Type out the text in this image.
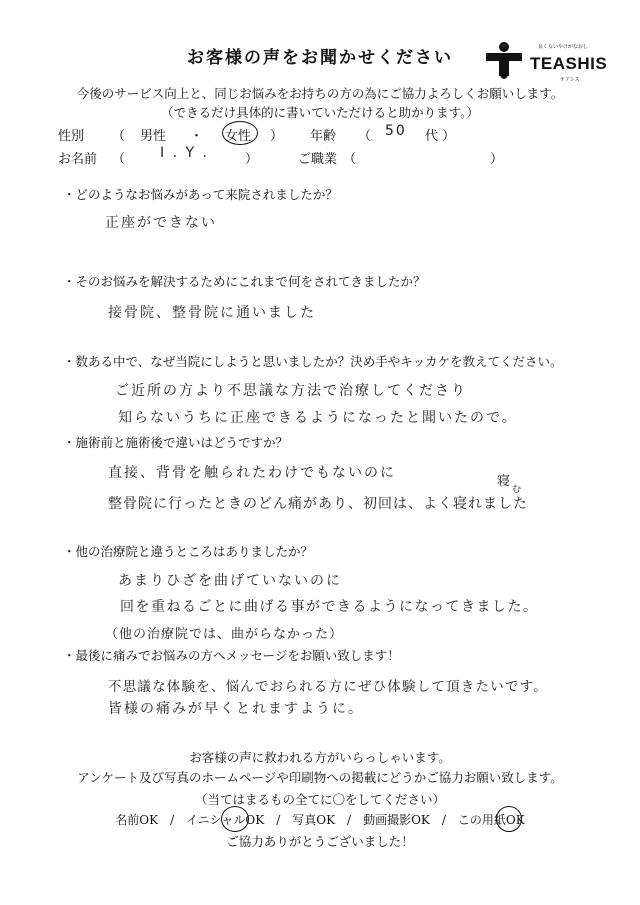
お客様の声をお聞かせください
良くないやけがなおし
TEASHIS
テアシス
今後のサービス向上と、同じお悩みをお持ちの方の為にご協力よろしくお願いします。
（できるだけ具体的に書いていただけると助かります。）
性別 （ 男性 ・ 女性 ） 年齢 （ 50 代 ）
お名前 （ I . Y .	）	ご職業 （	）
・どのようなお悩みがあって来院されましたか？
正座ができない
・そのお悩みを解決するためにこれまで何をされてきましたか？
接骨院、整骨院に通いました
・数ある中で、なぜ当院にしようと思いましたか？決め手やキッカケを教えてください。
ご近所の方より不思議な方法で治療してくださり
知らないうちに正座できるようになったと聞いたので。
・施術前と施術後で違いはどうですか？
直接、背骨を触られたわけでもないのに
整骨院に行ったときのどん痛があり、初回は、よく寝れました
寝
む
・他の治療院と違うところはありましたか？
あまりひざを曲げていないのに
回を重ねるごとに曲げる事ができるようになってきました。
（他の治療院では、曲がらなかった）
・最後に痛みでお悩みの方へメッセージをお願い致します！
不思議な体験を、悩んでおられる方にぜひ体験して頂きたいです。
皆様の痛みが早くとれますように。
お客様の声に救われる方がいらっしゃいます。
アンケート及び写真のホームページや印刷物への掲載にどうかご協力お願い致します。
（当てはまるもの全てに〇をしてください）
名前OK　/　イニシャルOK　/　写真OK　/　動画撮影OK　/　この用紙OK
ご協力ありがとうございました！
